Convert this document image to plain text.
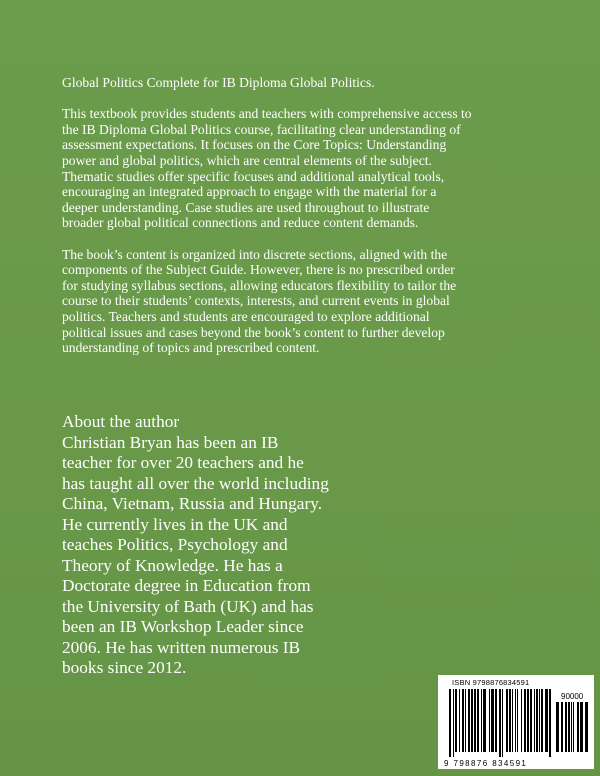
Global Politics Complete for IB Diploma Global Politics.

This textbook provides students and teachers with comprehensive access to
the IB Diploma Global Politics course, facilitating clear understanding of
assessment expectations. It focuses on the Core Topics: Understanding
power and global politics, which are central elements of the subject.
Thematic studies offer specific focuses and additional analytical tools,
encouraging an integrated approach to engage with the material for a
deeper understanding. Case studies are used throughout to illustrate
broader global political connections and reduce content demands.

The book’s content is organized into discrete sections, aligned with the
components of the Subject Guide. However, there is no prescribed order
for studying syllabus sections, allowing educators flexibility to tailor the
course to their students’ contexts, interests, and current events in global
politics. Teachers and students are encouraged to explore additional
political issues and cases beyond the book’s content to further develop
understanding of topics and prescribed content.

About the author
Christian Bryan has been an IB
teacher for over 20 teachers and he
has taught all over the world including
China, Vietnam, Russia and Hungary.
He currently lives in the UK and
teaches Politics, Psychology and
Theory of Knowledge. He has a
Doctorate degree in Education from
the University of Bath (UK) and has
been an IB Workshop Leader since
2006. He has written numerous IB
books since 2012.
ISBN 9798876834591
90000
9 798876 834591
